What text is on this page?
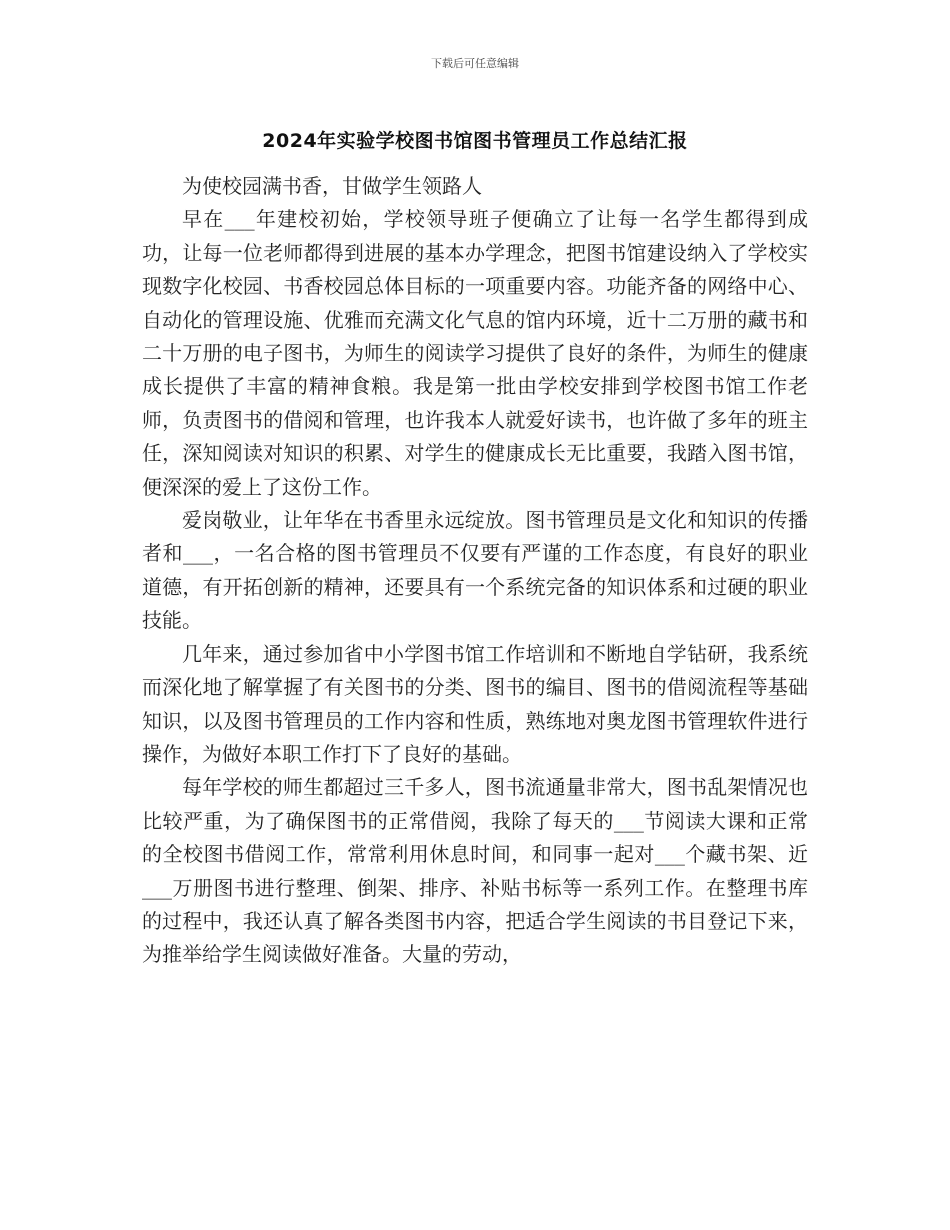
下载后可任意编辑
2024年实验学校图书馆图书管理员工作总结汇报

为使校园满书香，甘做学生领路人

早在___年建校初始，学校领导班子便确立了让每一名学生都得到成功，让每一位老师都得到进展的基本办学理念，把图书馆建设纳入了学校实现数字化校园、书香校园总体目标的一项重要内容。功能齐备的网络中心、自动化的管理设施、优雅而充满文化气息的馆内环境，近十二万册的藏书和二十万册的电子图书，为师生的阅读学习提供了良好的条件，为师生的健康成长提供了丰富的精神食粮。我是第一批由学校安排到学校图书馆工作老师，负责图书的借阅和管理，也许我本人就爱好读书，也许做了多年的班主任，深知阅读对知识的积累、对学生的健康成长无比重要，我踏入图书馆，便深深的爱上了这份工作。

爱岗敬业，让年华在书香里永远绽放。图书管理员是文化和知识的传播者和___，一名合格的图书管理员不仅要有严谨的工作态度，有良好的职业道德，有开拓创新的精神，还要具有一个系统完备的知识体系和过硬的职业技能。

几年来，通过参加省中小学图书馆工作培训和不断地自学钻研，我系统而深化地了解掌握了有关图书的分类、图书的编目、图书的借阅流程等基础知识，以及图书管理员的工作内容和性质，熟练地对奥龙图书管理软件进行操作，为做好本职工作打下了良好的基础。

每年学校的师生都超过三千多人，图书流通量非常大，图书乱架情况也比较严重，为了确保图书的正常借阅，我除了每天的___节阅读大课和正常的全校图书借阅工作，常常利用休息时间，和同事一起对___个藏书架、近___万册图书进行整理、倒架、排序、补贴书标等一系列工作。在整理书库的过程中，我还认真了解各类图书内容，把适合学生阅读的书目登记下来，为推举给学生阅读做好准备。大量的劳动，
